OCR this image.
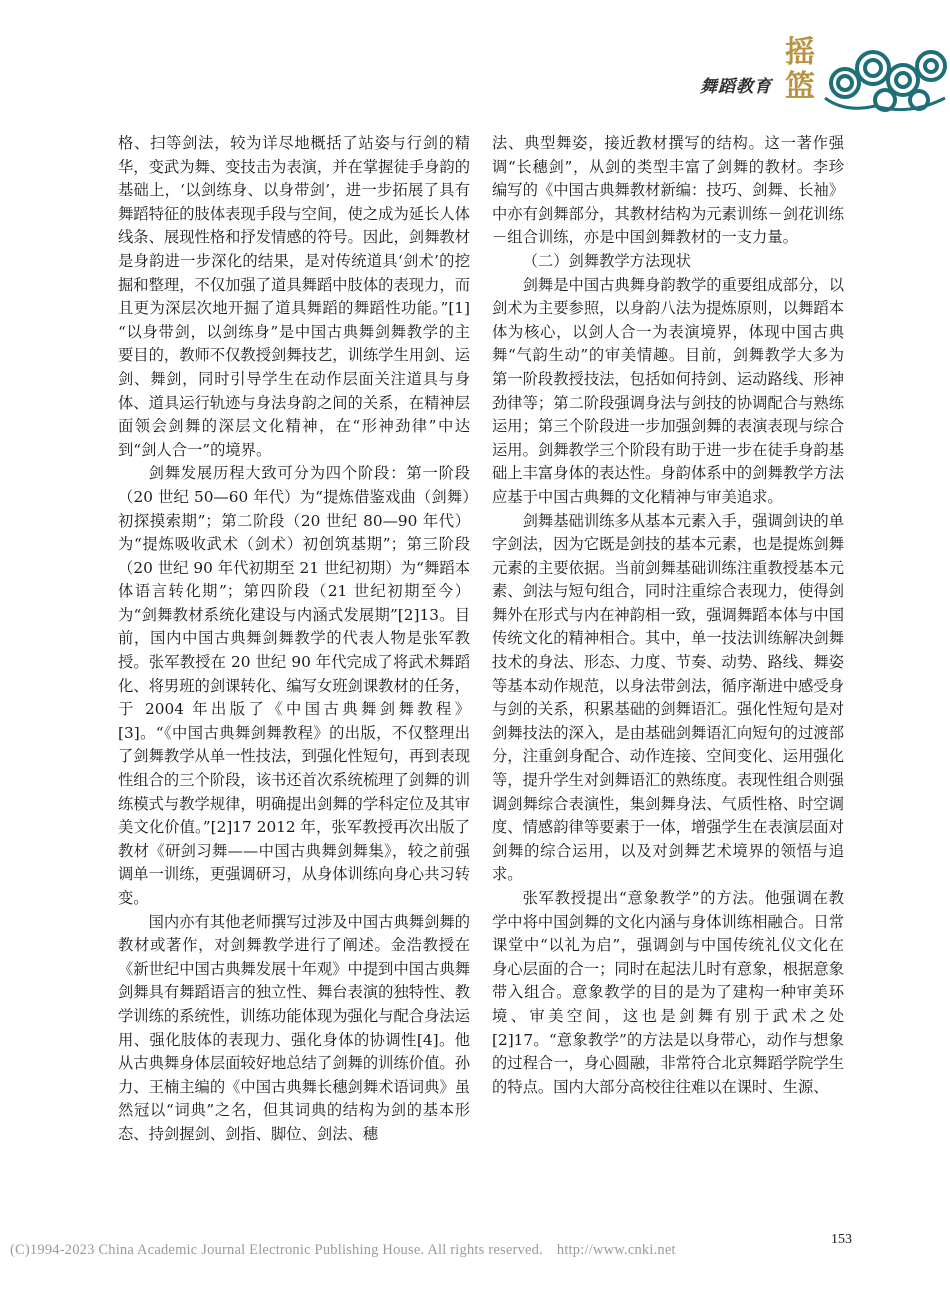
摇篮
舞蹈教育

格、扫等剑法，较为详尽地概括了站姿与行剑的精华，变武为舞、变技击为表演，并在掌握徒手身韵的基础上，‘以剑练身、以身带剑’，进一步拓展了具有舞蹈特征的肢体表现手段与空间，使之成为延长人体线条、展现性格和抒发情感的符号。因此，剑舞教材是身韵进一步深化的结果，是对传统道具‘剑术’的挖掘和整理，不仅加强了道具舞蹈中肢体的表现力，而且更为深层次地开掘了道具舞蹈的舞蹈性功能。”[1] “以身带剑，以剑练身”是中国古典舞剑舞教学的主要目的，教师不仅教授剑舞技艺，训练学生用剑、运剑、舞剑，同时引导学生在动作层面关注道具与身体、道具运行轨迹与身法身韵之间的关系，在精神层面领会剑舞的深层文化精神，在“形神劲律”中达到“剑人合一”的境界。

剑舞发展历程大致可分为四个阶段：第一阶段（20 世纪 50—60 年代）为“提炼借鉴戏曲（剑舞）初探摸索期”；第二阶段（20 世纪 80—90 年代）为“提炼吸收武术（剑术）初创筑基期”；第三阶段（20 世纪 90 年代初期至 21 世纪初期）为“舞蹈本体语言转化期”；第四阶段（21 世纪初期至今）为“剑舞教材系统化建设与内涵式发展期”[2]13。目前，国内中国古典舞剑舞教学的代表人物是张军教授。张军教授在 20 世纪 90 年代完成了将武术舞蹈化、将男班的剑课转化、编写女班剑课教材的任务，于 2004 年出版了《中国古典舞剑舞教程》[3]。“《中国古典舞剑舞教程》的出版，不仅整理出了剑舞教学从单一性技法，到强化性短句，再到表现性组合的三个阶段，该书还首次系统梳理了剑舞的训练模式与教学规律，明确提出剑舞的学科定位及其审美文化价值。”[2]17 2012 年，张军教授再次出版了教材《研剑习舞——中国古典舞剑舞集》，较之前强调单一训练，更强调研习，从身体训练向身心共习转变。

国内亦有其他老师撰写过涉及中国古典舞剑舞的教材或著作，对剑舞教学进行了阐述。金浩教授在《新世纪中国古典舞发展十年观》中提到中国古典舞剑舞具有舞蹈语言的独立性、舞台表演的独特性、教学训练的系统性，训练功能体现为强化与配合身法运用、强化肢体的表现力、强化身体的协调性[4]。他从古典舞身体层面较好地总结了剑舞的训练价值。孙力、王楠主编的《中国古典舞长穗剑舞术语词典》虽然冠以“词典”之名，但其词典的结构为剑的基本形态、持剑握剑、剑指、脚位、剑法、穗

法、典型舞姿，接近教材撰写的结构。这一著作强调“长穗剑”，从剑的类型丰富了剑舞的教材。李珍编写的《中国古典舞教材新编：技巧、剑舞、长袖》中亦有剑舞部分，其教材结构为元素训练－剑花训练－组合训练，亦是中国剑舞教材的一支力量。

（二）剑舞教学方法现状

剑舞是中国古典舞身韵教学的重要组成部分，以剑术为主要参照，以身韵八法为提炼原则，以舞蹈本体为核心，以剑人合一为表演境界，体现中国古典舞“气韵生动”的审美情趣。目前，剑舞教学大多为第一阶段教授技法，包括如何持剑、运动路线、形神劲律等；第二阶段强调身法与剑技的协调配合与熟练运用；第三个阶段进一步加强剑舞的表演表现与综合运用。剑舞教学三个阶段有助于进一步在徒手身韵基础上丰富身体的表达性。身韵体系中的剑舞教学方法应基于中国古典舞的文化精神与审美追求。

剑舞基础训练多从基本元素入手，强调剑诀的单字剑法，因为它既是剑技的基本元素，也是提炼剑舞元素的主要依据。当前剑舞基础训练注重教授基本元素、剑法与短句组合，同时注重综合表现力，使得剑舞外在形式与内在神韵相一致，强调舞蹈本体与中国传统文化的精神相合。其中，单一技法训练解决剑舞技术的身法、形态、力度、节奏、动势、路线、舞姿等基本动作规范，以身法带剑法，循序渐进中感受身与剑的关系，积累基础的剑舞语汇。强化性短句是对剑舞技法的深入，是由基础剑舞语汇向短句的过渡部分，注重剑身配合、动作连接、空间变化、运用强化等，提升学生对剑舞语汇的熟练度。表现性组合则强调剑舞综合表演性，集剑舞身法、气质性格、时空调度、情感韵律等要素于一体，增强学生在表演层面对剑舞的综合运用，以及对剑舞艺术境界的领悟与追求。

张军教授提出“意象教学”的方法。他强调在教学中将中国剑舞的文化内涵与身体训练相融合。日常课堂中“以礼为启”，强调剑与中国传统礼仪文化在身心层面的合一；同时在起法儿时有意象，根据意象带入组合。意象教学的目的是为了建构一种审美环境、审美空间，这也是剑舞有别于武术之处[2]17。“意象教学”的方法是以身带心，动作与想象的过程合一，身心圆融，非常符合北京舞蹈学院学生的特点。国内大部分高校往往难以在课时、生源、

153
(C)1994-2023 China Academic Journal Electronic Publishing House. All rights reserved. http://www.cnki.net
